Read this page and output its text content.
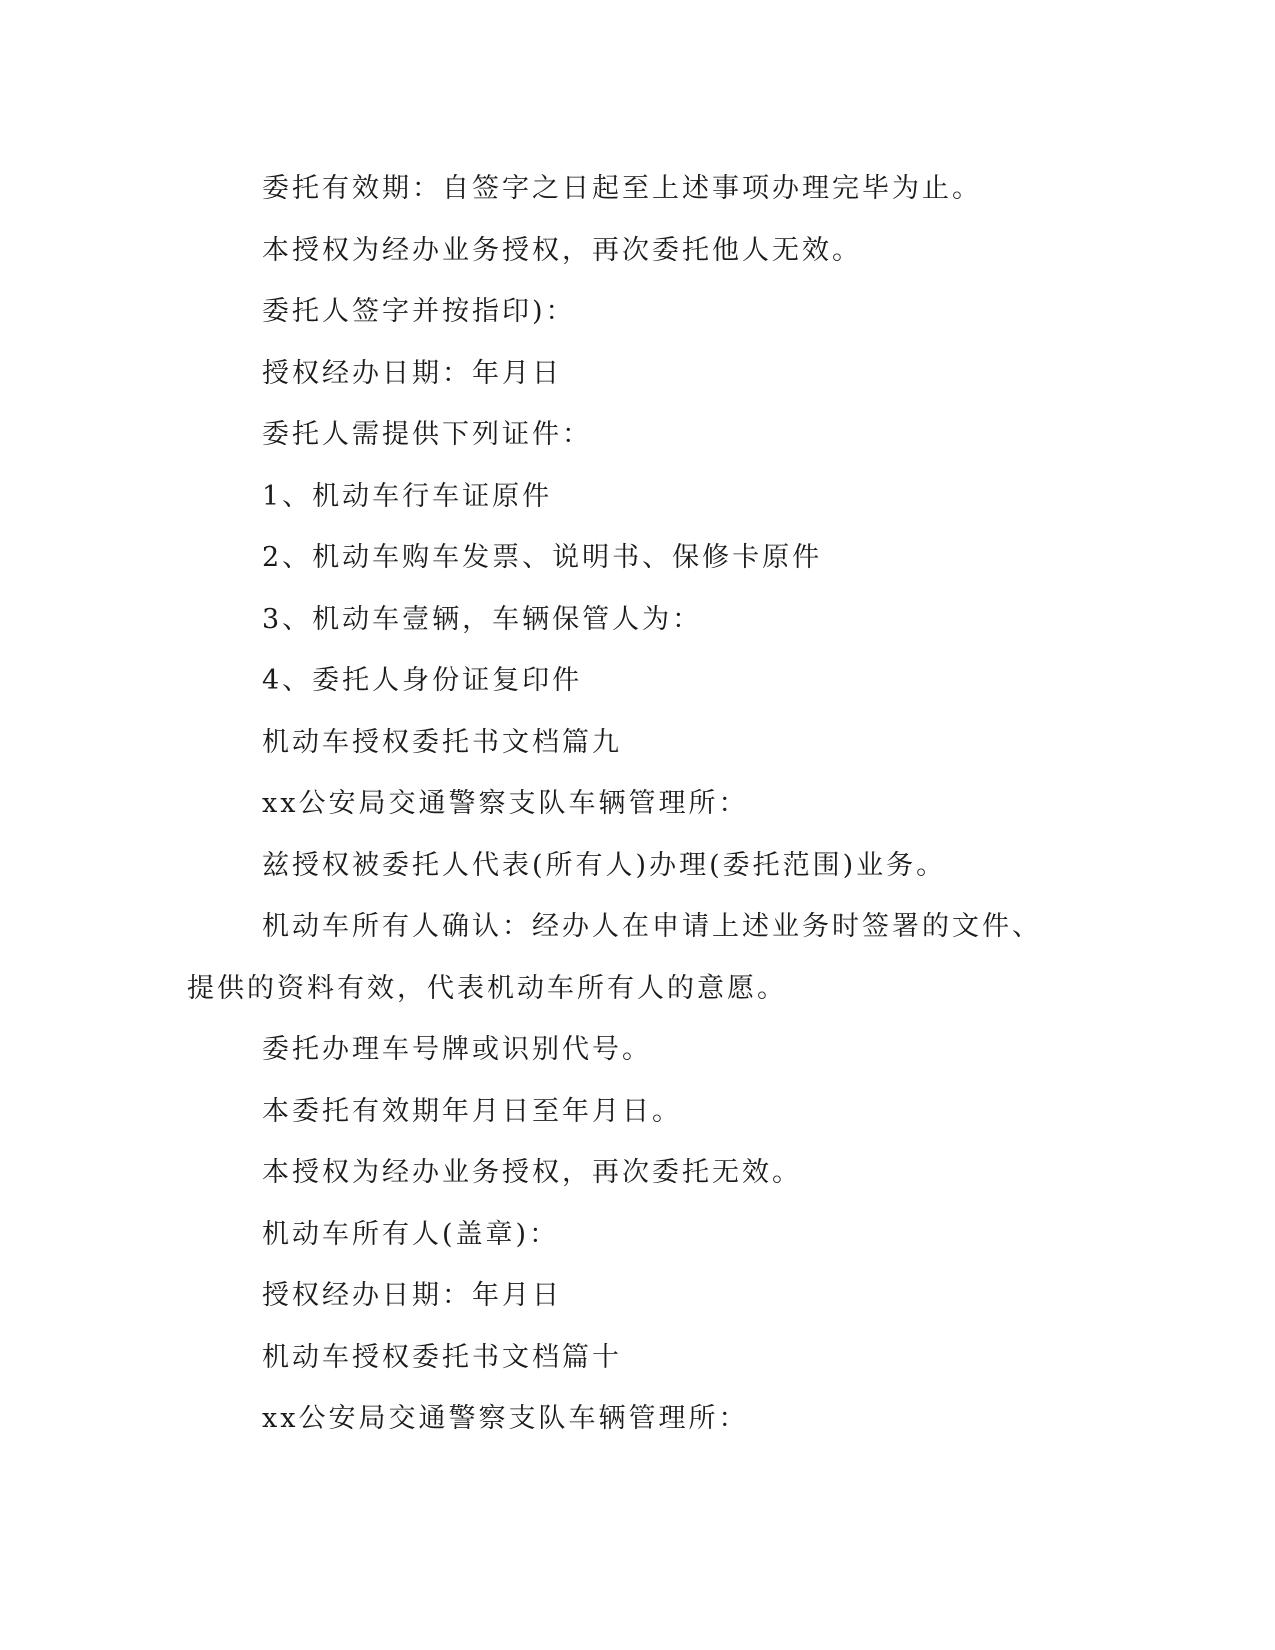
委托有效期：自签字之日起至上述事项办理完毕为止。

本授权为经办业务授权，再次委托他人无效。

委托人签字并按指印)：

授权经办日期：年月日

委托人需提供下列证件：

1、机动车行车证原件

2、机动车购车发票、说明书、保修卡原件

3、机动车壹辆，车辆保管人为：

4、委托人身份证复印件

机动车授权委托书文档篇九

xx公安局交通警察支队车辆管理所：

兹授权被委托人代表(所有人)办理(委托范围)业务。

机动车所有人确认：经办人在申请上述业务时签署的文件、提供的资料有效，代表机动车所有人的意愿。

委托办理车号牌或识别代号。

本委托有效期年月日至年月日。

本授权为经办业务授权，再次委托无效。

机动车所有人(盖章)：

授权经办日期：年月日

机动车授权委托书文档篇十

xx公安局交通警察支队车辆管理所：
